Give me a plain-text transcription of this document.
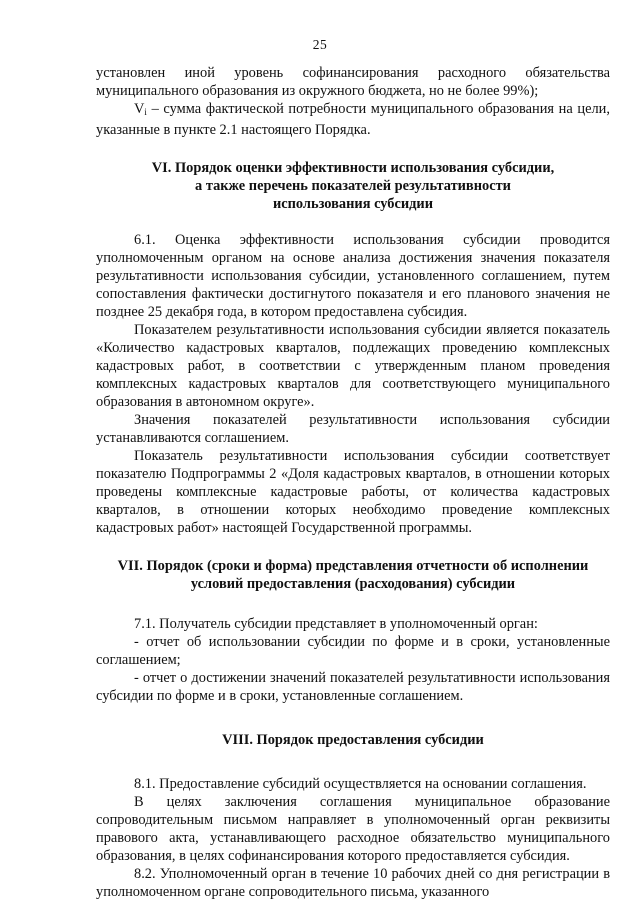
25

установлен иной уровень софинансирования расходного обязательства муниципального образования из окружного бюджета, но не более 99%);

$V_i$ – сумма фактической потребности муниципального образования на цели, указанные в пункте 2.1 настоящего Порядка.

VI. Порядок оценки эффективности использования субсидии,
а также перечень показателей результативности
использования субсидии

6.1. Оценка эффективности использования субсидии проводится уполномоченным органом на основе анализа достижения значения показателя результативности использования субсидии, установленного соглашением, путем сопоставления фактически достигнутого показателя и его планового значения не позднее 25 декабря года, в котором предоставлена субсидия.

Показателем результативности использования субсидии является показатель «Количество кадастровых кварталов, подлежащих проведению комплексных кадастровых работ, в соответствии с утвержденным планом проведения комплексных кадастровых кварталов для соответствующего муниципального образования в автономном округе».

Значения показателей результативности использования субсидии устанавливаются соглашением.

Показатель результативности использования субсидии соответствует показателю Подпрограммы 2 «Доля кадастровых кварталов, в отношении которых проведены комплексные кадастровые работы, от количества кадастровых кварталов, в отношении которых необходимо проведение комплексных кадастровых работ» настоящей Государственной программы.

VII. Порядок (сроки и форма) представления отчетности об исполнении
условий предоставления (расходования) субсидии

7.1. Получатель субсидии представляет в уполномоченный орган:

- отчет об использовании субсидии по форме и в сроки, установленные соглашением;

- отчет о достижении значений показателей результативности использования субсидии по форме и в сроки, установленные соглашением.

VIII. Порядок предоставления субсидии

8.1. Предоставление субсидий осуществляется на основании соглашения.

В целях заключения соглашения муниципальное образование сопроводительным письмом направляет в уполномоченный орган реквизиты правового акта, устанавливающего расходное обязательство муниципального образования, в целях софинансирования которого предоставляется субсидия.

8.2. Уполномоченный орган в течение 10 рабочих дней со дня регистрации в уполномоченном органе сопроводительного письма, указанного
